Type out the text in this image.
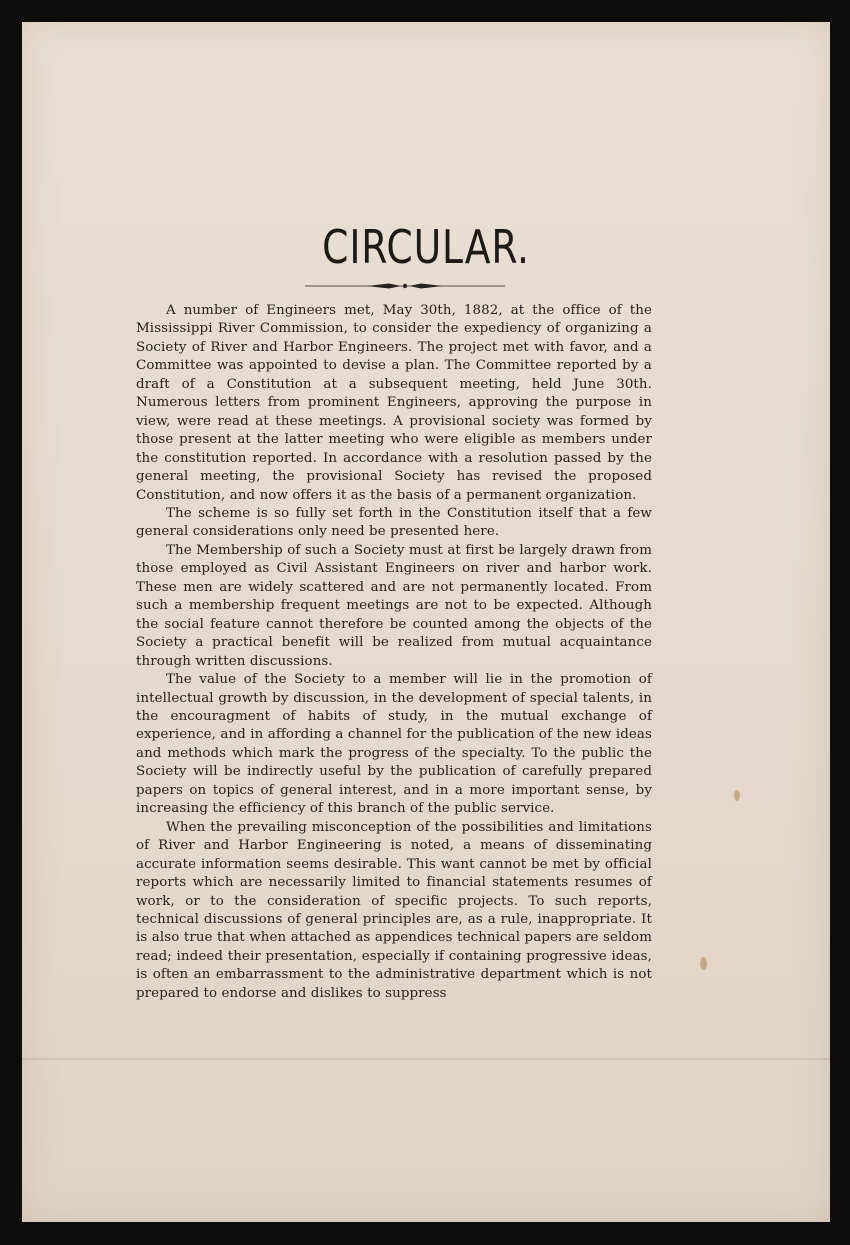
CIRCULAR.

A number of Engineers met, May 30th, 1882, at the office of the Mississippi River Commission, to consider the expediency of organizing a Society of River and Harbor Engineers. The project met with favor, and a Committee was appointed to devise a plan. The Committee reported by a draft of a Constitution at a subsequent meeting, held June 30th. Numerous letters from prominent Engineers, approving the purpose in view, were read at these meetings. A provisional society was formed by those present at the latter meeting who were eligible as members under the constitution reported. In accordance with a resolution passed by the general meeting, the provisional Society has revised the proposed Constitution, and now offers it as the basis of a permanent organization.

The scheme is so fully set forth in the Constitution itself that a few general considerations only need be presented here.

The Membership of such a Society must at first be largely drawn from those employed as Civil Assistant Engineers on river and harbor work. These men are widely scattered and are not permanently located. From such a membership frequent meetings are not to be expected. Although the social feature cannot therefore be counted among the objects of the Society a practical benefit will be realized from mutual acquaintance through written discussions.

The value of the Society to a member will lie in the promotion of intellectual growth by discussion, in the development of special talents, in the encouragment of habits of study, in the mutual exchange of experience, and in affording a channel for the publication of the new ideas and methods which mark the progress of the specialty. To the public the Society will be indirectly useful by the publication of carefully prepared papers on topics of general interest, and in a more important sense, by increasing the efficiency of this branch of the public service.

When the prevailing misconception of the possibilities and limitations of River and Harbor Engineering is noted, a means of disseminating accurate information seems desirable. This want cannot be met by official reports which are necessarily limited to financial statements resumes of work, or to the consideration of specific projects. To such reports, technical discussions of general principles are, as a rule, inappropriate. It is also true that when attached as appendices technical papers are seldom read; indeed their presentation, especially if containing progressive ideas, is often an embarrassment to the administrative department which is not prepared to endorse and dislikes to suppress
